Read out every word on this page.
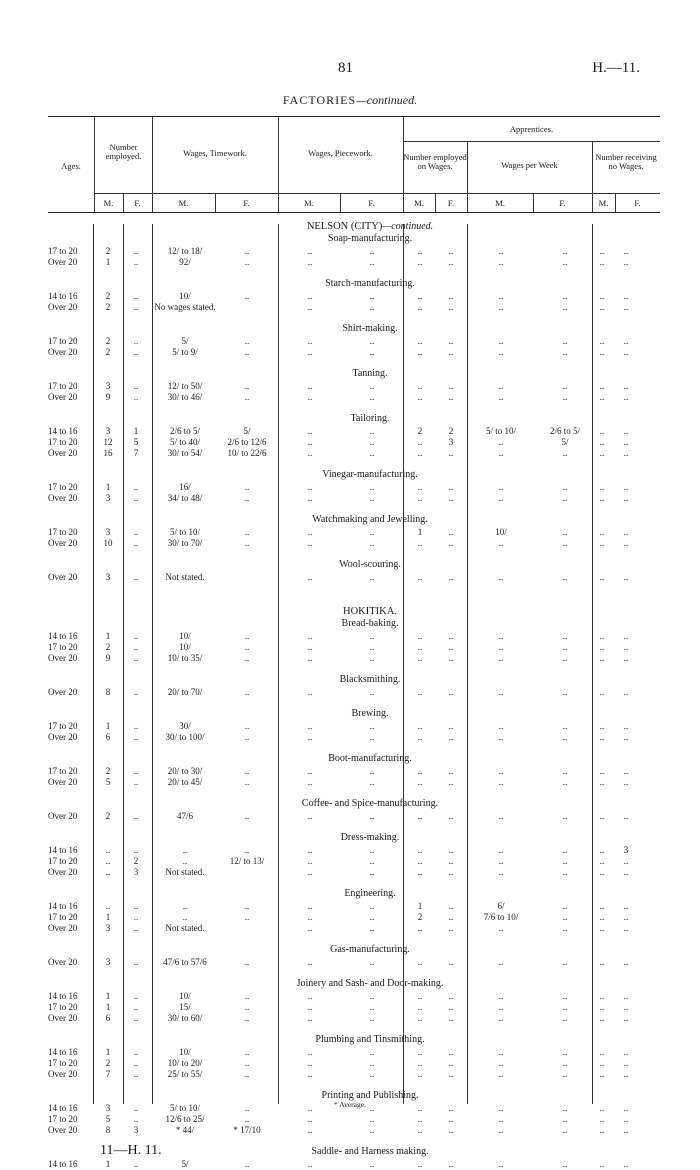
81	H.—11.
FACTORIES—continued.
Ages.
Number employed.	Wages, Timework.	Wages, Piecework.
Apprentices.
Number employed on Wages.	Wages per Week
Number receiving no Wages.
M.	F.	M.	F.	M.	F.	M.	F.	M.	F.	M.	F.
NELSON (CITY)—continued.
Soap-manufacturing.
17 to 20	2	..	12/ to 18/	..	..	..	..	..	..	..	..	..
Over 20	1	..	92/	..	..	..	..	..	..	..	..	..
Starch-manufacturing.
14 to 16	2	..	10/	..	..	..	..	..	..	..	..	..
Over 20	2	..	No wages stated.	..	..	..	..	..	..	..	..
Shirt-making.
17 to 20	2	..	5/	..	..	..	..	..	..	..	..	..
Over 20	2	..	5/ to 9/	..	..	..	..	..	..	..	..	..
Tanning.
17 to 20	3	..	12/ to 50/	..	..	..	..	..	..	..	..	..
Over 20	9	..	30/ to 46/	..	..	..	..	..	..	..	..	..
Tailoring.
14 to 16	3	1	2/6 to 5/	5/	..	..	2	2	5/ to 10/	2/6 to 5/	..	..
17 to 20	12	5	5/ to 40/	2/6 to 12/6	..	..	..	3	..	5/	..	..
Over 20	16	7	30/ to 54/	10/ to 22/6	..	..	..	..	..	..	..	..
Vinegar-manufacturing.
17 to 20	1	..	16/	..	..	..	..	..	..	..	..	..
Over 20	3	..	34/ to 48/	..	..	..	..	..	..	..	..	..
Watchmaking and Jewelling.
17 to 20	3	..	5/ to 10/	..	..	..	1	..	10/	..	..	..
Over 20	10	..	30/ to 70/	..	..	..	..	..	..	..	..	..
Wool-scouring.
Over 20	3	..	Not stated.	..	..	..	..	..	..	..	..
HOKITIKA.
Bread-baking.
14 to 16	1	..	10/	..	..	..	..	..	..	..	..	..
17 to 20	2	..	10/	..	..	..	..	..	..	..	..	..
Over 20	9	..	10/ to 35/	..	..	..	..	..	..	..	..	..
Blacksmithing.
Over 20	8	..	20/ to 70/	..	..	..	..	..	..	..	..	..
Brewing.
17 to 20	1	..	30/	..	..	..	..	..	..	..	..	..
Over 20	6	..	30/ to 100/	..	..	..	..	..	..	..	..	..
Boot-manufacturing.
17 to 20	2	..	20/ to 30/	..	..	..	..	..	..	..	..	..
Over 20	5	..	20/ to 45/	..	..	..	..	..	..	..	..	..
Coffee- and Spice-manufacturing.
Over 20	2	..	47/6	..	..	..	..	..	..	..	..	..
Dress-making.
14 to 16	..	..	..	..	..	..	..	..	..	..	..	3
17 to 20	..	2	..	12/ to 13/	..	..	..	..	..	..	..	..
Over 20	..	3	Not stated.	..	..	..	..	..	..	..	..
Engineering.
14 to 16	..	..	..	..	..	..	1	..	6/	..	..	..
17 to 20	1	..	..	..	..	..	2	..	7/6 to 10/	..	..	..
Over 20	3	..	Not stated.	..	..	..	..	..	..	..	..
Gas-manufacturing.
Over 20	3	..	47/6 to 57/6	..	..	..	..	..	..	..	..	..
Joinery and Sash- and Door-making.
14 to 16	1	..	10/	..	..	..	..	..	..	..	..	..
17 to 20	1	..	15/	..	..	..	..	..	..	..	..	..
Over 20	6	..	30/ to 60/	..	..	..	..	..	..	..	..	..
Plumbing and Tinsmithing.
14 to 16	1	..	10/	..	..	..	..	..	..	..	..	..
17 to 20	2	..	10/ to 20/	..	..	..	..	..	..	..	..	..
Over 20	7	..	25/ to 55/	..	..	..	..	..	..	..	..	..
Printing and Publishing.
14 to 16	3	..	5/ to 10/	..	..	..	..	..	..	..	..	..
17 to 20	5	..	12/6 to 25/	..	..	..	..	..	..	..	..	..
Over 20	8	3	* 44/	* 17/10	..	..	..	..	..	..	..	..
Saddle- and Harness making.
14 to 16	1	..	5/	..	..	..	..	..	..	..	..	..
* Average.
11—H. 11.
